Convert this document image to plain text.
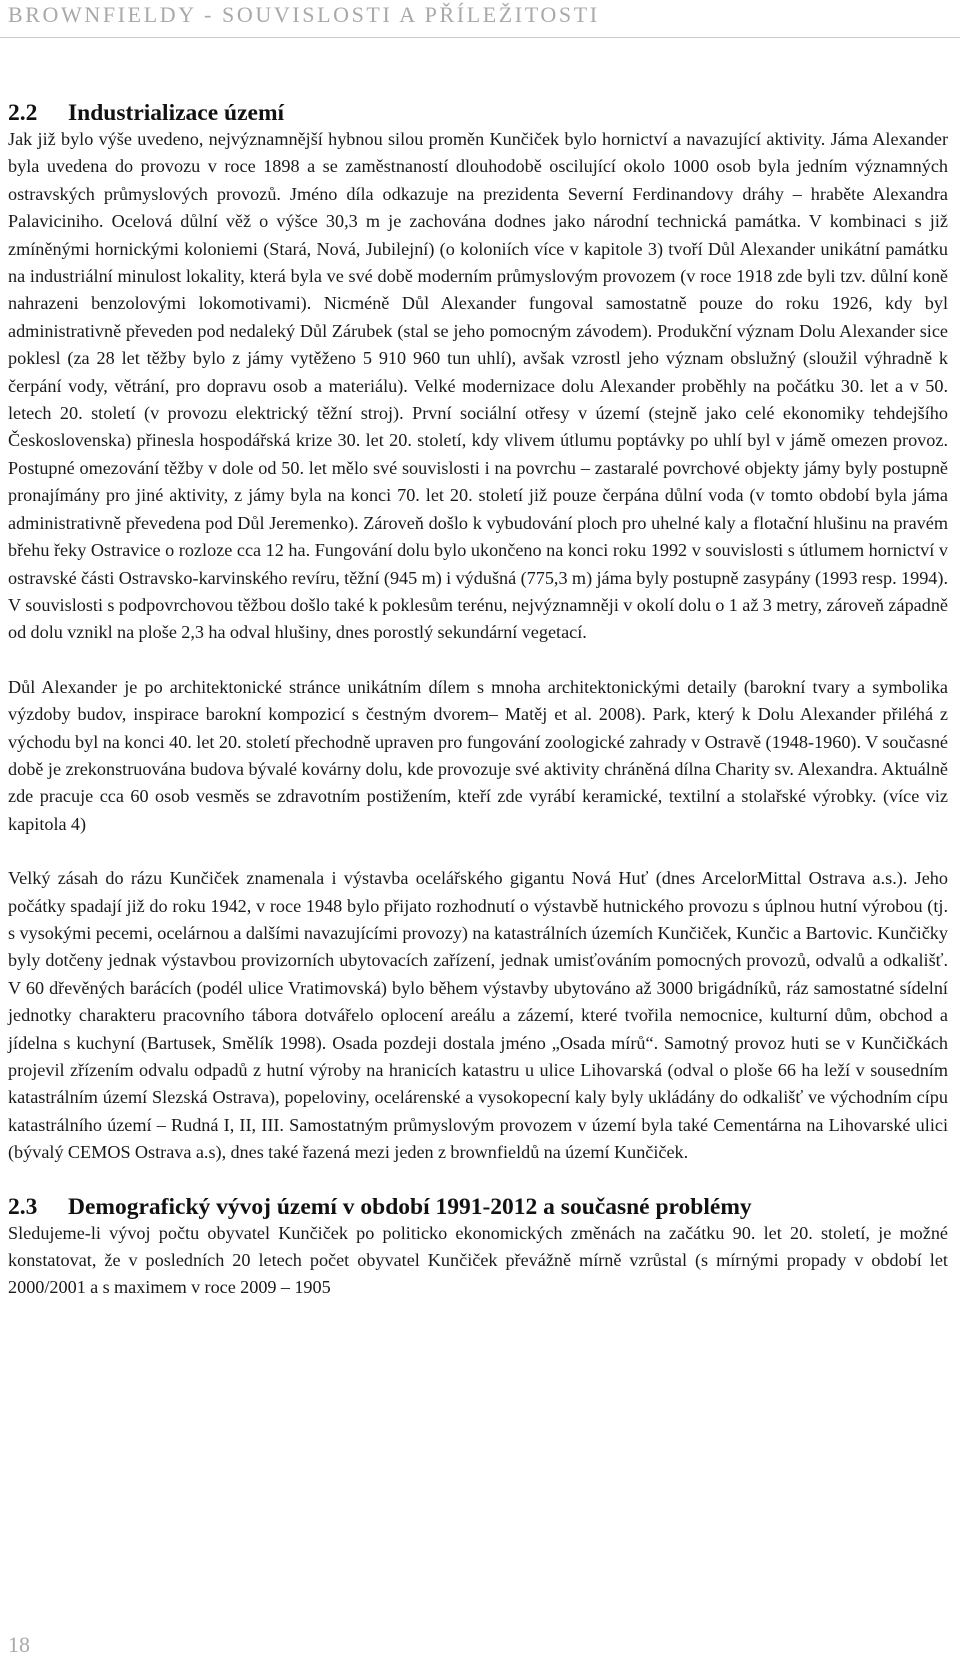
BROWNFIELDY - SOUVISLOSTI A PŘÍLEŽITOSTI
2.2 Industrializace území

Jak již bylo výše uvedeno, nejvýznamnější hybnou silou proměn Kunčiček bylo hornictví a navazující aktivity. Jáma Alexander byla uvedena do provozu v roce 1898 a se zaměstnaností dlouhodobě oscilující okolo 1000 osob byla jedním významných ostravských průmyslových provozů. Jméno díla odkazuje na prezidenta Severní Ferdinandovy dráhy – hraběte Alexandra Palaviciniho. Ocelová důlní věž o výšce 30,3 m je zachována dodnes jako národní technická památka. V kombinaci s již zmíněnými hornickými koloniemi (Stará, Nová, Jubilejní) (o koloniích více v kapitole 3) tvoří Důl Alexander unikátní památku na industriální minulost lokality, která byla ve své době moderním průmyslovým provozem (v roce 1918 zde byli tzv. důlní koně nahrazeni benzolovými lokomotivami). Nicméně Důl Alexander fungoval samostatně pouze do roku 1926, kdy byl administrativně převeden pod nedaleký Důl Zárubek (stal se jeho pomocným závodem). Produkční význam Dolu Alexander sice poklesl (za 28 let těžby bylo z jámy vytěženo 5 910 960 tun uhlí), avšak vzrostl jeho význam obslužný (sloužil výhradně k čerpání vody, větrání, pro dopravu osob a materiálu). Velké modernizace dolu Alexander proběhly na počátku 30. let a v 50. letech 20. století (v provozu elektrický těžní stroj). První sociální otřesy v území (stejně jako celé ekonomiky tehdejšího Československa) přinesla hospodářská krize 30. let 20. století, kdy vlivem útlumu poptávky po uhlí byl v jámě omezen provoz. Postupné omezování těžby v dole od 50. let mělo své souvislosti i na povrchu – zastaralé povrchové objekty jámy byly postupně pronajímány pro jiné aktivity, z jámy byla na konci 70. let 20. století již pouze čerpána důlní voda (v tomto období byla jáma administrativně převedena pod Důl Jeremenko). Zároveň došlo k vybudování ploch pro uhelné kaly a flotační hlušinu na pravém břehu řeky Ostravice o rozloze cca 12 ha. Fungování dolu bylo ukončeno na konci roku 1992 v souvislosti s útlumem hornictví v ostravské části Ostravsko-karvinského revíru, těžní (945 m) i výdušná (775,3 m) jáma byly postupně zasypány (1993 resp. 1994). V souvislosti s podpovrchovou těžbou došlo také k poklesům terénu, nejvýznamněji v okolí dolu o 1 až 3 metry, zároveň západně od dolu vznikl na ploše 2,3 ha odval hlušiny, dnes porostlý sekundární vegetací.

Důl Alexander je po architektonické stránce unikátním dílem s mnoha architektonickými detaily (barokní tvary a symbolika výzdoby budov, inspirace barokní kompozicí s čestným dvorem– Matěj et al. 2008). Park, který k Dolu Alexander přiléhá z východu byl na konci 40. let 20. století přechodně upraven pro fungování zoologické zahrady v Ostravě (1948-1960). V současné době je zrekonstruována budova bývalé kovárny dolu, kde provozuje své aktivity chráněná dílna Charity sv. Alexandra. Aktuálně zde pracuje cca 60 osob vesměs se zdravotním postižením, kteří zde vyrábí keramické, textilní a stolařské výrobky. (více viz kapitola 4)

Velký zásah do rázu Kunčiček znamenala i výstavba ocelářského gigantu Nová Huť (dnes ArcelorMittal Ostrava a.s.). Jeho počátky spadají již do roku 1942, v roce 1948 bylo přijato rozhodnutí o výstavbě hutnického provozu s úplnou hutní výrobou (tj. s vysokými pecemi, ocelárnou a dalšími navazujícími provozy) na katastrálních územích Kunčiček, Kunčic a Bartovic. Kunčičky byly dotčeny jednak výstavbou provizorních ubytovacích zařízení, jednak umisťováním pomocných provozů, odvalů a odkališť. V 60 dřevěných barácích (podél ulice Vratimovská) bylo během výstavby ubytováno až 3000 brigádníků, ráz samostatné sídelní jednotky charakteru pracovního tábora dotvářelo oplocení areálu a zázemí, které tvořila nemocnice, kulturní dům, obchod a jídelna s kuchyní (Bartusek, Smělík 1998). Osada pozdeji dostala jméno „Osada mírů“. Samotný provoz huti se v Kunčičkách projevil zřízením odvalu odpadů z hutní výroby na hranicích katastru u ulice Lihovarská (odval o ploše 66 ha leží v sousedním katastrálním území Slezská Ostrava), popeloviny, ocelárenské a vysokopecní kaly byly ukládány do odkališť ve východním cípu katastrálního území – Rudná I, II, III. Samostatným průmyslovým provozem v území byla také Cementárna na Lihovarské ulici (bývalý CEMOS Ostrava a.s), dnes také řazená mezi jeden z brownfieldů na území Kunčiček.

2.3 Demografický vývoj území v období 1991-2012 a současné problémy

Sledujeme-li vývoj počtu obyvatel Kunčiček po politicko ekonomických změnách na začátku 90. let 20. století, je možné konstatovat, že v posledních 20 letech počet obyvatel Kunčiček převážně mírně vzrůstal (s mírnými propady v období let 2000/2001 a s maximem v roce 2009 – 1905

18
